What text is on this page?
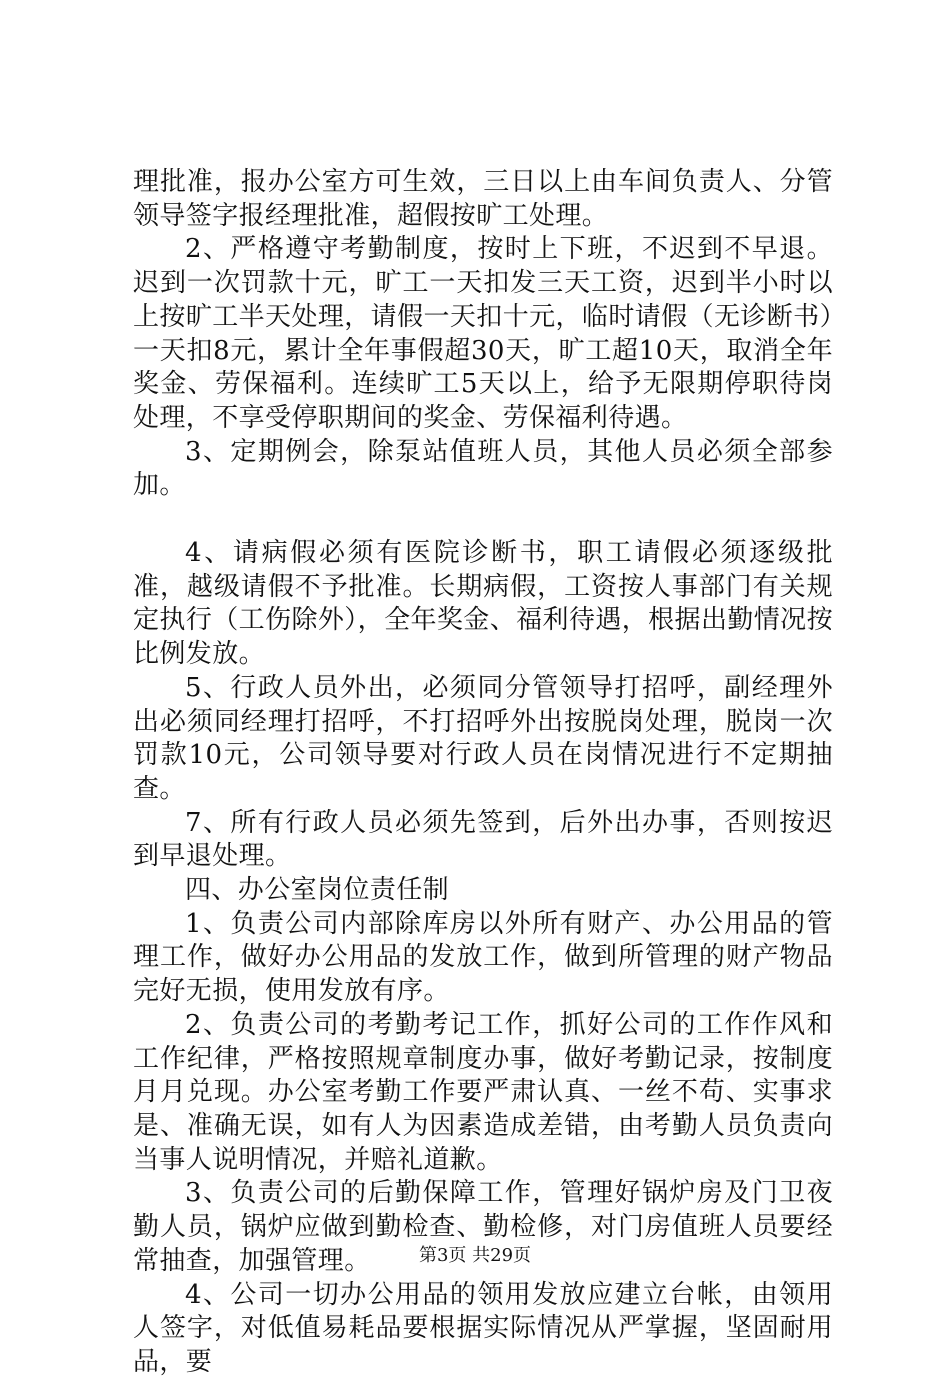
理批准，报办公室方可生效，三日以上由车间负责人、分管领导签字报经理批准，超假按旷工处理。

2、严格遵守考勤制度，按时上下班，不迟到不早退。迟到一次罚款十元，旷工一天扣发三天工资，迟到半小时以上按旷工半天处理，请假一天扣十元，临时请假（无诊断书）一天扣8元，累计全年事假超30天，旷工超10天，取消全年奖金、劳保福利。连续旷工5天以上，给予无限期停职待岗处理，不享受停职期间的奖金、劳保福利待遇。

3、定期例会，除泵站值班人员，其他人员必须全部参加。

4、请病假必须有医院诊断书，职工请假必须逐级批准，越级请假不予批准。长期病假，工资按人事部门有关规定执行（工伤除外），全年奖金、福利待遇，根据出勤情况按比例发放。

5、行政人员外出，必须同分管领导打招呼，副经理外出必须同经理打招呼，不打招呼外出按脱岗处理，脱岗一次罚款10元，公司领导要对行政人员在岗情况进行不定期抽查。

7、所有行政人员必须先签到，后外出办事，否则按迟到早退处理。

四、办公室岗位责任制

1、负责公司内部除库房以外所有财产、办公用品的管理工作，做好办公用品的发放工作，做到所管理的财产物品完好无损，使用发放有序。

2、负责公司的考勤考记工作，抓好公司的工作作风和工作纪律，严格按照规章制度办事，做好考勤记录，按制度月月兑现。办公室考勤工作要严肃认真、一丝不苟、实事求是、准确无误，如有人为因素造成差错，由考勤人员负责向当事人说明情况，并赔礼道歉。

3、负责公司的后勤保障工作，管理好锅炉房及门卫夜勤人员，锅炉应做到勤检查、勤检修，对门房值班人员要经常抽查，加强管理。

4、公司一切办公用品的领用发放应建立台帐，由领用人签字，对低值易耗品要根据实际情况从严掌握，坚固耐用品，要

第3页 共29页
